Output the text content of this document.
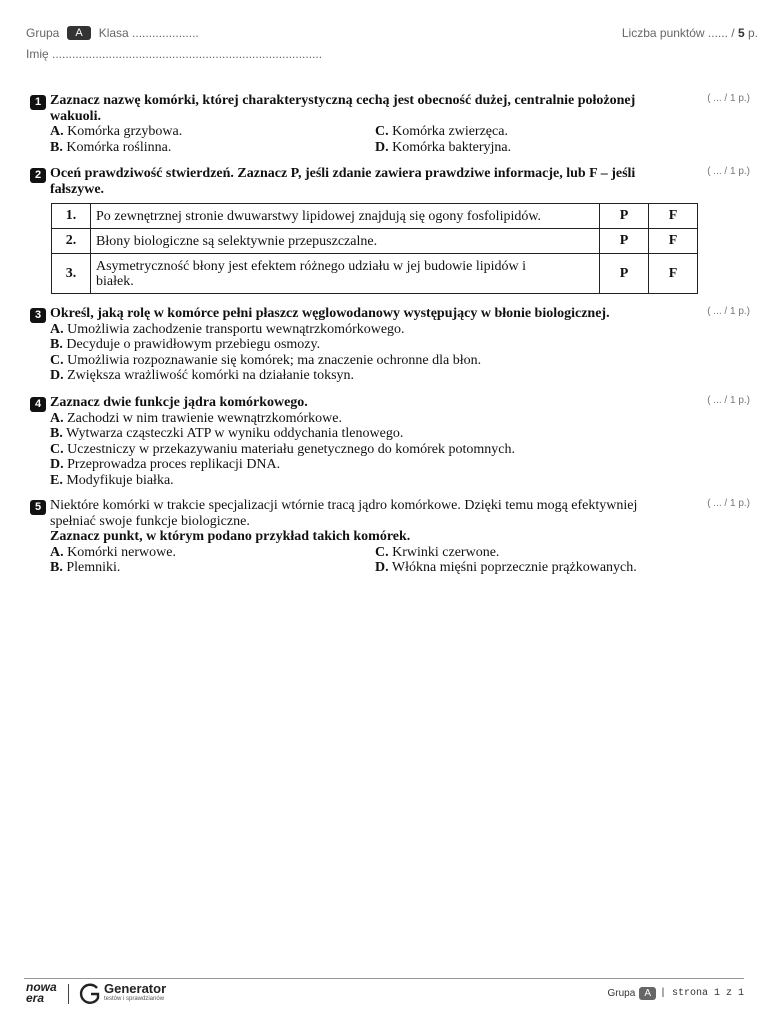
Grupa	A	Klasa ....................	Liczba punktów ...... / 5 p.
Imię .................................................................................
1	( ... / 1 p.)
Zaznacz nazwę komórki, której charakterystyczną cechą jest obecność dużej, centralnie położonej wakuoli.
A. Komórka grzybowa.	C. Komórka zwierzęca.
B. Komórka roślinna.	D. Komórka bakteryjna.
2	( ... / 1 p.)
Oceń prawdziwość stwierdzeń. Zaznacz P, jeśli zdanie zawiera prawdziwe informacje, lub F – jeśli fałszywe.
1.	Po zewnętrznej stronie dwuwarstwy lipidowej znajdują się ogony fosfolipidów.	P	F
2.	Błony biologiczne są selektywnie przepuszczalne.	P	F
3.	Asymetryczność błony jest efektem różnego udziału w jej budowie lipidów i białek.	P	F
3	( ... / 1 p.)
Określ, jaką rolę w komórce pełni płaszcz węglowodanowy występujący w błonie biologicznej.
A. Umożliwia zachodzenie transportu wewnątrzkomórkowego.
B. Decyduje o prawidłowym przebiegu osmozy.
C. Umożliwia rozpoznawanie się komórek; ma znaczenie ochronne dla błon.
D. Zwiększa wrażliwość komórki na działanie toksyn.
4	( ... / 1 p.)
Zaznacz dwie funkcje jądra komórkowego.
A. Zachodzi w nim trawienie wewnątrzkomórkowe.
B. Wytwarza cząsteczki ATP w wyniku oddychania tlenowego.
C. Uczestniczy w przekazywaniu materiału genetycznego do komórek potomnych.
D. Przeprowadza proces replikacji DNA.
E. Modyfikuje białka.
5	( ... / 1 p.)
Niektóre komórki w trakcie specjalizacji wtórnie tracą jądro komórkowe. Dzięki temu mogą efektywniej spełniać swoje funkcje biologiczne.
Zaznacz punkt, w którym podano przykład takich komórek.
A. Komórki nerwowe.	C. Krwinki czerwone.
B. Plemniki.	D. Włókna mięśni poprzecznie prążkowanych.
nowa era
Generator
testów i sprawdzianów	Grupa A | strona 1 z 1
